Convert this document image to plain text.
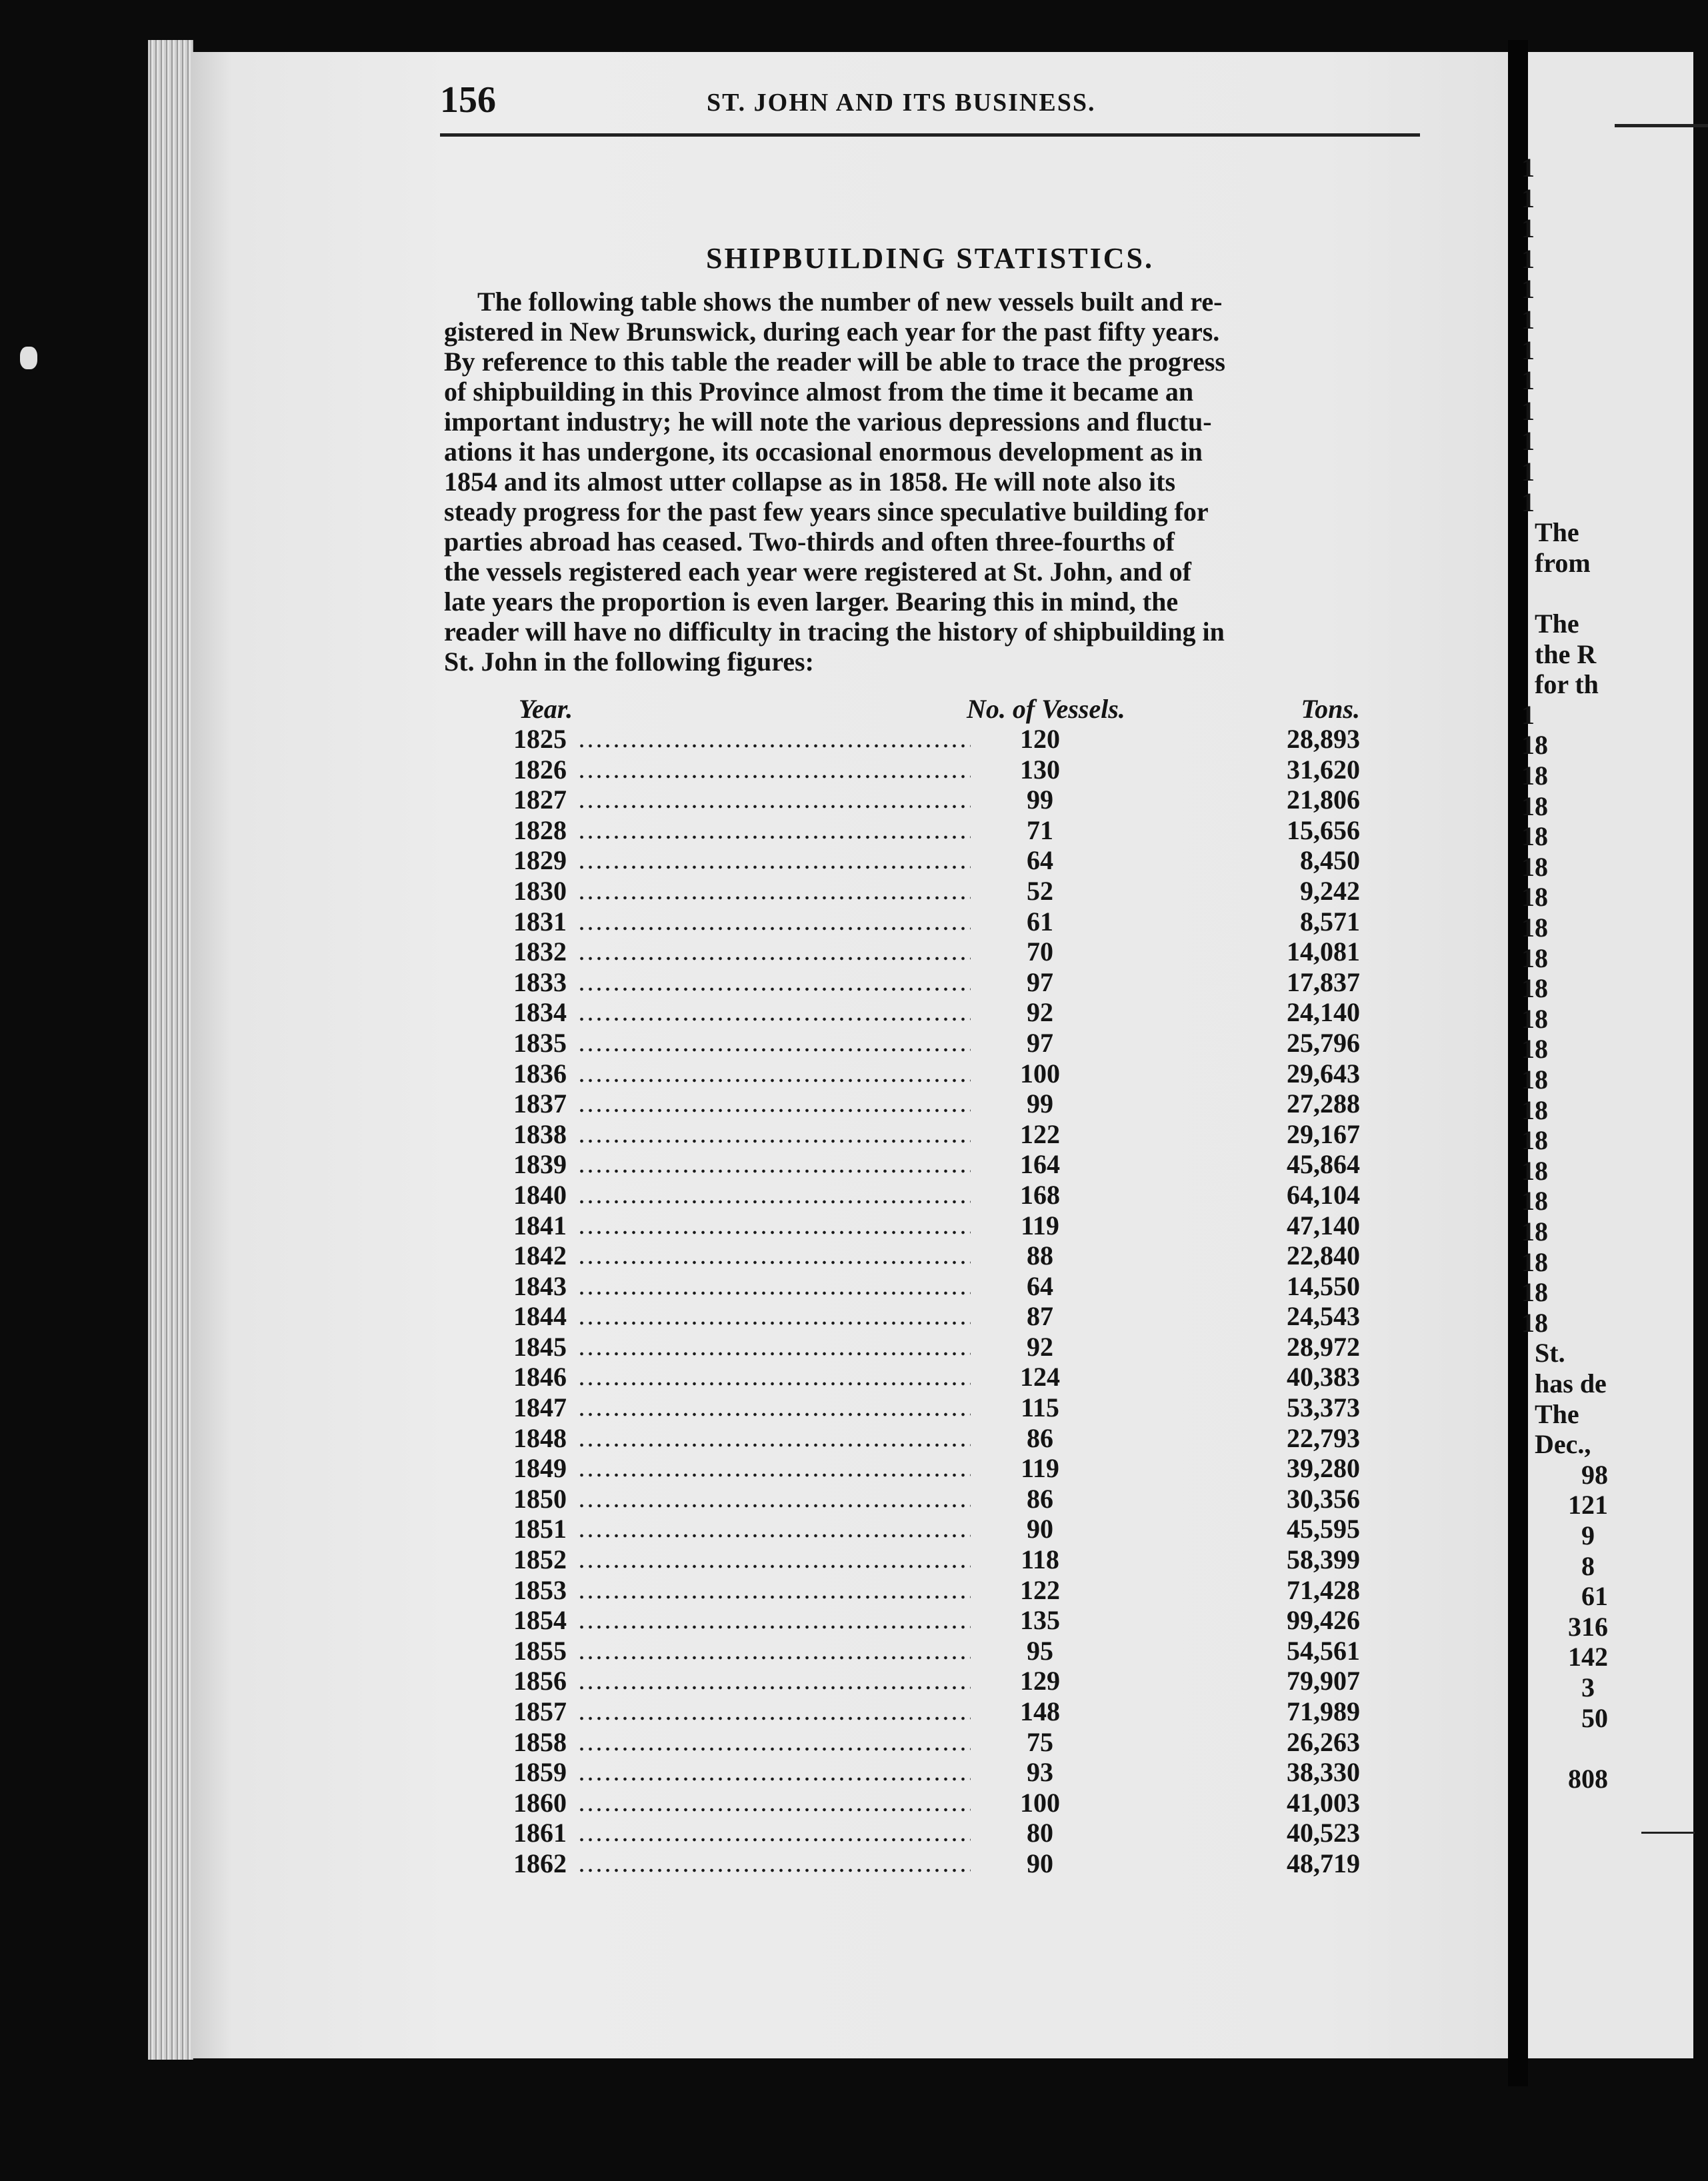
156	ST. JOHN AND ITS BUSINESS.
SHIPBUILDING STATISTICS.
The following table shows the number of new vessels built and re-
gistered in New Brunswick, during each year for the past fifty years.
By reference to this table the reader will be able to trace the progress
of shipbuilding in this Province almost from the time it became an
important industry; he will note the various depressions and fluctu-
ations it has undergone, its occasional enormous development as in
1854 and its almost utter collapse as in 1858. He will note also its
steady progress for the past few years since speculative building for
parties abroad has ceased. Two-thirds and often three-fourths of
the vessels registered each year were registered at St. John, and of
late years the proportion is even larger. Bearing this in mind, the
reader will have no difficulty in tracing the history of shipbuilding in
St. John in the following figures:
Year.	No. of Vessels.	Tons.
1825	120	28,893
1826	130	31,620
1827	99	21,806
1828	71	15,656
1829	64	8,450
1830	52	9,242
1831	61	8,571
1832	70	14,081
1833	97	17,837
1834	92	24,140
1835	97	25,796
1836	100	29,643
1837	99	27,288
1838	122	29,167
1839	164	45,864
1840	168	64,104
1841	119	47,140
1842	88	22,840
1843	64	14,550
1844	87	24,543
1845	92	28,972
1846	124	40,383
1847	115	53,373
1848	86	22,793
1849	119	39,280
1850	86	30,356
1851	90	45,595
1852	118	58,399
1853	122	71,428
1854	135	99,426
1855	95	54,561
1856	129	79,907
1857	148	71,989
1858	75	26,263
1859	93	38,330
1860	100	41,003
1861	80	40,523
1862	90	48,719
1
1
1
1
1
1
1
1
1
1
1
1
The
from
The
the R
for th
1
18
18
18
18
18
18
18
18
18
18
18
18
18
18
18
18
18
18
18
18
St.
has de
The
Dec.,
98
121
9
8
61
316
142
3
50
808
